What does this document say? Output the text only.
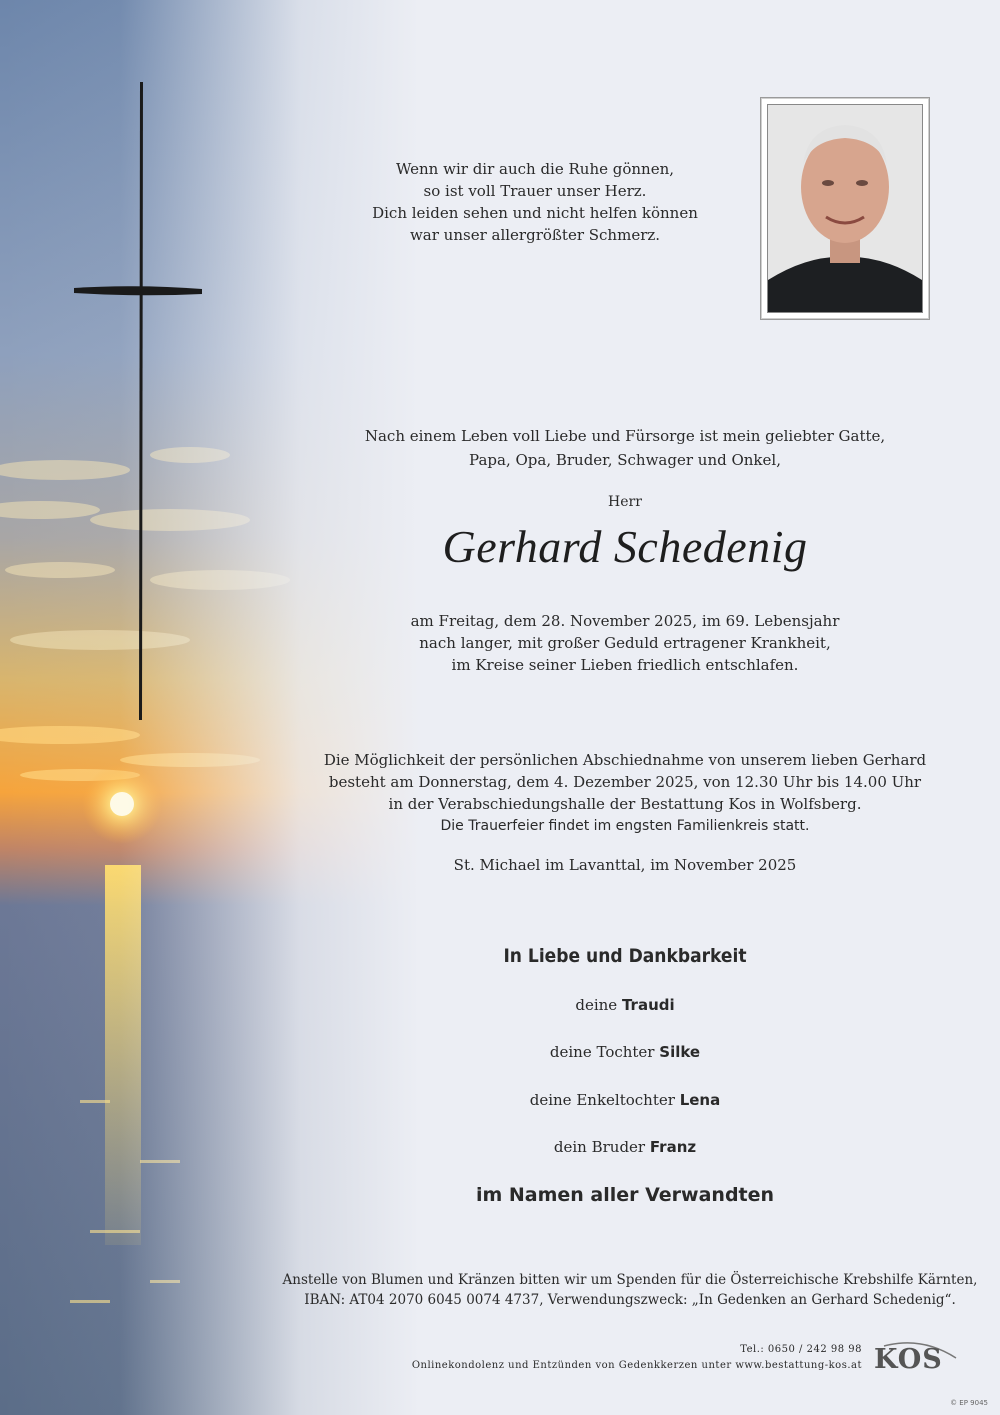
Wenn wir dir auch die Ruhe gönnen,
so ist voll Trauer unser Herz.
Dich leiden sehen und nicht helfen können
war unser allergrößter Schmerz.
Nach einem Leben voll Liebe und Fürsorge ist mein geliebter Gatte,
Papa, Opa, Bruder, Schwager und Onkel,
Herr
Gerhard Schedenig
am Freitag, dem 28. November 2025, im 69. Lebensjahr
nach langer, mit großer Geduld ertragener Krankheit,
im Kreise seiner Lieben friedlich entschlafen.
Die Möglichkeit der persönlichen Abschiednahme von unserem lieben Gerhard
besteht am Donnerstag, dem 4. Dezember 2025, von 12.30 Uhr bis 14.00 Uhr
in der Verabschiedungshalle der Bestattung Kos in Wolfsberg.
Die Trauerfeier findet im engsten Familienkreis statt.
St. Michael im Lavanttal, im November 2025
In Liebe und Dankbarkeit
deine Traudi
deine Tochter Silke
deine Enkeltochter Lena
dein Bruder Franz
im Namen aller Verwandten
Anstelle von Blumen und Kränzen bitten wir um Spenden für die Österreichische Krebshilfe Kärnten,
IBAN: AT04 2070 6045 0074 4737, Verwendungszweck: „In Gedenken an Gerhard Schedenig“.
Tel.: 0650 / 242 98 98
Onlinekondolenz und Entzünden von Gedenkkerzen unter www.bestattung-kos.at KOS
© EP 9045
